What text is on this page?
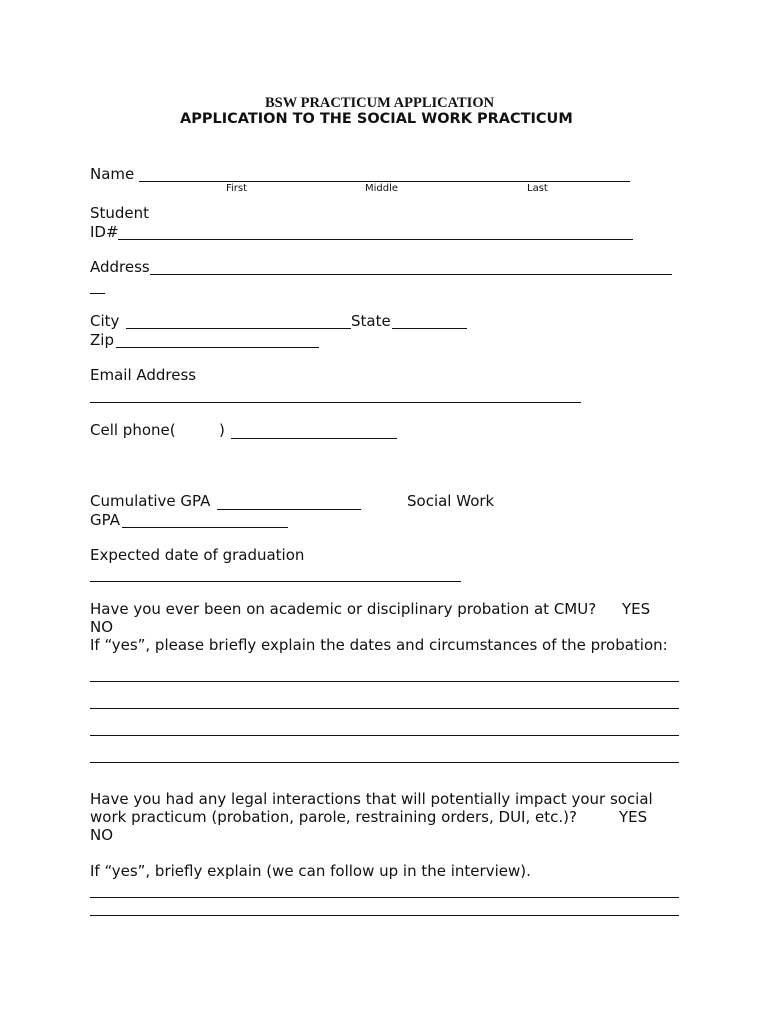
BSW PRACTICUM APPLICATION
APPLICATION TO THE SOCIAL WORK PRACTICUM
Name
First	Middle	Last
Student
ID#
Address
City	State
Zip
Email Address
Cell phone(	)
Cumulative GPA	Social Work
GPA
Expected date of graduation
Have you ever been on academic or disciplinary probation at CMU? YES
NO
If “yes”, please briefly explain the dates and circumstances of the probation:
Have you had any legal interactions that will potentially impact your social
work practicum (probation, parole, restraining orders, DUI, etc.)?	YES
NO
If “yes”, briefly explain (we can follow up in the interview).
